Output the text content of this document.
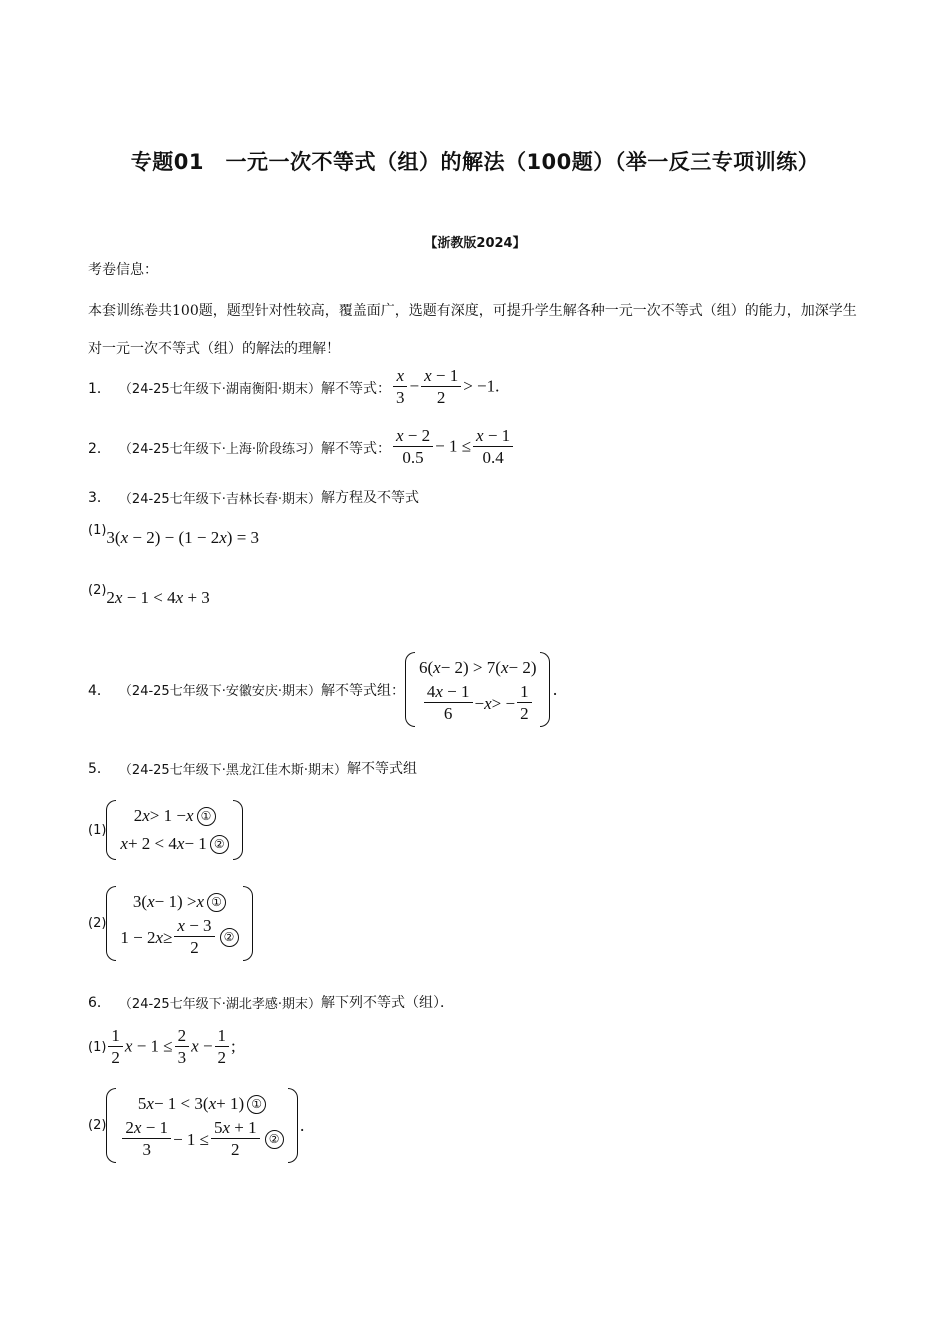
专题01　一元一次不等式（组）的解法（100题）（举一反三专项训练）
【浙教版2024】
考卷信息：
本套训练卷共100题，题型针对性较高，覆盖面广，选题有深度，可提升学生解各种一元一次不等式（组）的能力，加深学生对一元一次不等式（组）的解法的理解！
1． （24-25七年级下·湖南衡阳·期末） 解不等式： $\frac{x}{3} - \frac{x - 1}{2} > -1$.
2． （24-25七年级下·上海·阶段练习） 解不等式： $\frac{x - 2}{0.5} - 1 \le \frac{x - 1}{0.4}$
3． （24-25七年级下·吉林长春·期末） 解方程及不等式
(1) 3(x − 2) − (1 − 2x) = 3
(2) 2x − 1 < 4x + 3
4． （24-25七年级下·安徽安庆·期末） 解不等式组：
6( x − 2) > 7( x − 2)
$\frac{4x - 1}{6} - x$ > − $\frac{1}{2}$ .
5． （24-25七年级下·黑龙江佳木斯·期末） 解不等式组
(1)
2 x > 1 − x ①
x + 2 < 4 x − 1 ②
(2)
3( x − 1) > x ①
1 − 2 $x \ge \frac{x - 3}{2}$ ②
6． （24-25七年级下·湖北孝感·期末） 解下列不等式（组）．
$(1) \frac{1}{2}$ $x - 1 \le \frac{2}{3}$ $x - \frac{1}{2}$ ;
(2)
5 x − 1 < 3( x + 1) ①
$\frac{2x - 1}{3} - 1 \le \frac{5x + 1}{2}$ ②
.
